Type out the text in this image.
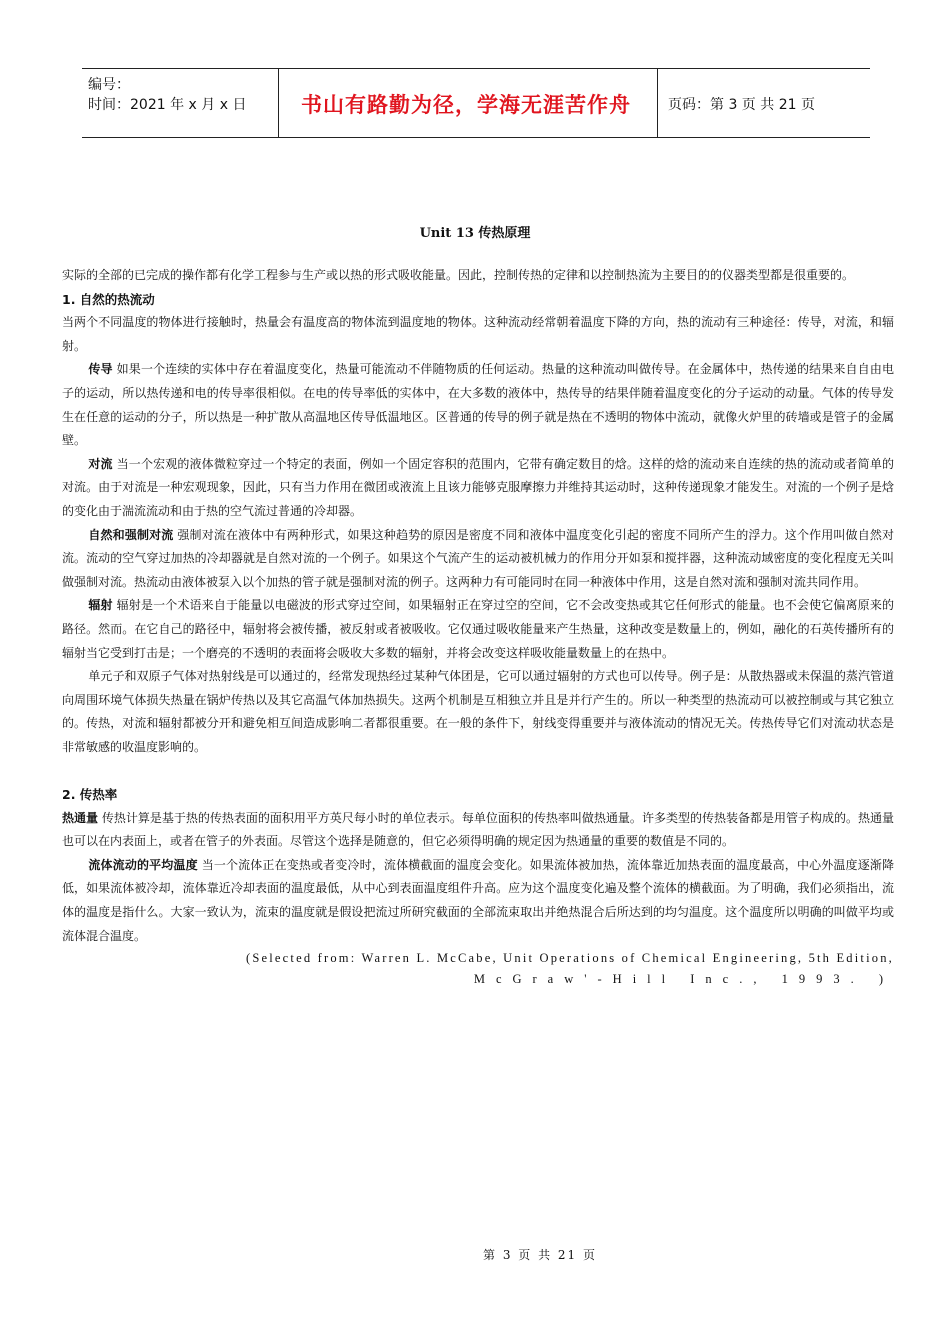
编号：
时间：2021 年 x 月 x 日	书山有路勤为径，学海无涯苦作舟	页码：第 3 页 共 21 页
Unit 13 传热原理

实际的全部的已完成的操作都有化学工程参与生产或以热的形式吸收能量。因此，控制传热的定律和以控制热流为主要目的的仪器类型都是很重要的。

1. 自然的热流动

当两个不同温度的物体进行接触时，热量会有温度高的物体流到温度地的物体。这种流动经常朝着温度下降的方向，热的流动有三种途径：传导，对流，和辐射。

传导 如果一个连续的实体中存在着温度变化，热量可能流动不伴随物质的任何运动。热量的这种流动叫做传导。在金属体中，热传递的结果来自自由电子的运动，所以热传递和电的传导率很相似。在电的传导率低的实体中，在大多数的液体中，热传导的结果伴随着温度变化的分子运动的动量。气体的传导发生在任意的运动的分子，所以热是一种扩散从高温地区传导低温地区。区普通的传导的例子就是热在不透明的物体中流动，就像火炉里的砖墙或是管子的金属壁。

对流 当一个宏观的液体微粒穿过一个特定的表面，例如一个固定容积的范围内，它带有确定数目的焓。这样的焓的流动来自连续的热的流动或者简单的对流。由于对流是一种宏观现象，因此，只有当力作用在微团或液流上且该力能够克服摩擦力并维持其运动时，这种传递现象才能发生。对流的一个例子是焓的变化由于湍流流动和由于热的空气流过普通的冷却器。

自然和强制对流 强制对流在液体中有两种形式，如果这种趋势的原因是密度不同和液体中温度变化引起的密度不同所产生的浮力。这个作用叫做自然对流。流动的空气穿过加热的冷却器就是自然对流的一个例子。如果这个气流产生的运动被机械力的作用分开如泵和搅拌器，这种流动域密度的变化程度无关叫做强制对流。热流动由液体被泵入以个加热的管子就是强制对流的例子。这两种力有可能同时在同一种液体中作用，这是自然对流和强制对流共同作用。

辐射 辐射是一个术语来自于能量以电磁波的形式穿过空间，如果辐射正在穿过空的空间，它不会改变热或其它任何形式的能量。也不会使它偏离原来的路径。然而。在它自己的路径中，辐射将会被传播，被反射或者被吸收。它仅通过吸收能量来产生热量，这种改变是数量上的，例如，融化的石英传播所有的辐射当它受到打击是；一个磨亮的不透明的表面将会吸收大多数的辐射，并将会改变这样吸收能量数量上的在热中。

单元子和双原子气体对热射线是可以通过的，经常发现热经过某种气体团是，它可以通过辐射的方式也可以传导。例子是：从散热器或未保温的蒸汽管道向周围环境气体损失热量在锅炉传热以及其它高温气体加热损失。这两个机制是互相独立并且是并行产生的。所以一种类型的热流动可以被控制或与其它独立的。传热，对流和辐射都被分开和避免相互间造成影响二者都很重要。在一般的条件下，射线变得重要并与液体流动的情况无关。传热传导它们对流动状态是非常敏感的收温度影响的。

2. 传热率

热通量 传热计算是基于热的传热表面的面积用平方英尺每小时的单位表示。每单位面积的传热率叫做热通量。许多类型的传热装备都是用管子构成的。热通量也可以在内表面上，或者在管子的外表面。尽管这个选择是随意的，但它必须得明确的规定因为热通量的重要的数值是不同的。

流体流动的平均温度 当一个流体正在变热或者变冷时，流体横截面的温度会变化。如果流体被加热，流体靠近加热表面的温度最高，中心外温度逐渐降低，如果流体被冷却，流体靠近冷却表面的温度最低，从中心到表面温度组件升高。应为这个温度变化遍及整个流体的横截面。为了明确，我们必须指出，流体的温度是指什么。大家一致认为，流束的温度就是假设把流过所研究截面的全部流束取出并绝热混合后所达到的均匀温度。这个温度所以明确的叫做平均或流体混合温度。

(Selected from: Warren L. McCabe, Unit Operations of Chemical Engineering, 5th Edition,
McGraw'-Hill Inc., 1993. )

第 3 页 共 21 页
